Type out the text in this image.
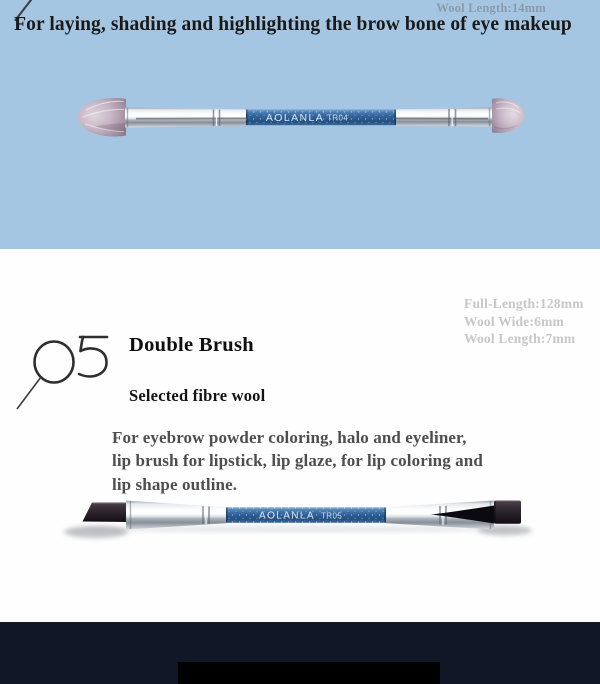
Wool Length:14mm
For laying, shading and highlighting the brow bone of eye makeup
AOLANLA TR04
Full-Length:128mm
Wool Wide:6mm
Wool Length:7mm
Double Brush
Selected fibre wool
For eyebrow powder coloring, halo and eyeliner,
lip brush for lipstick, lip glaze, for lip coloring and
lip shape outline.
AOLANLA TR05
